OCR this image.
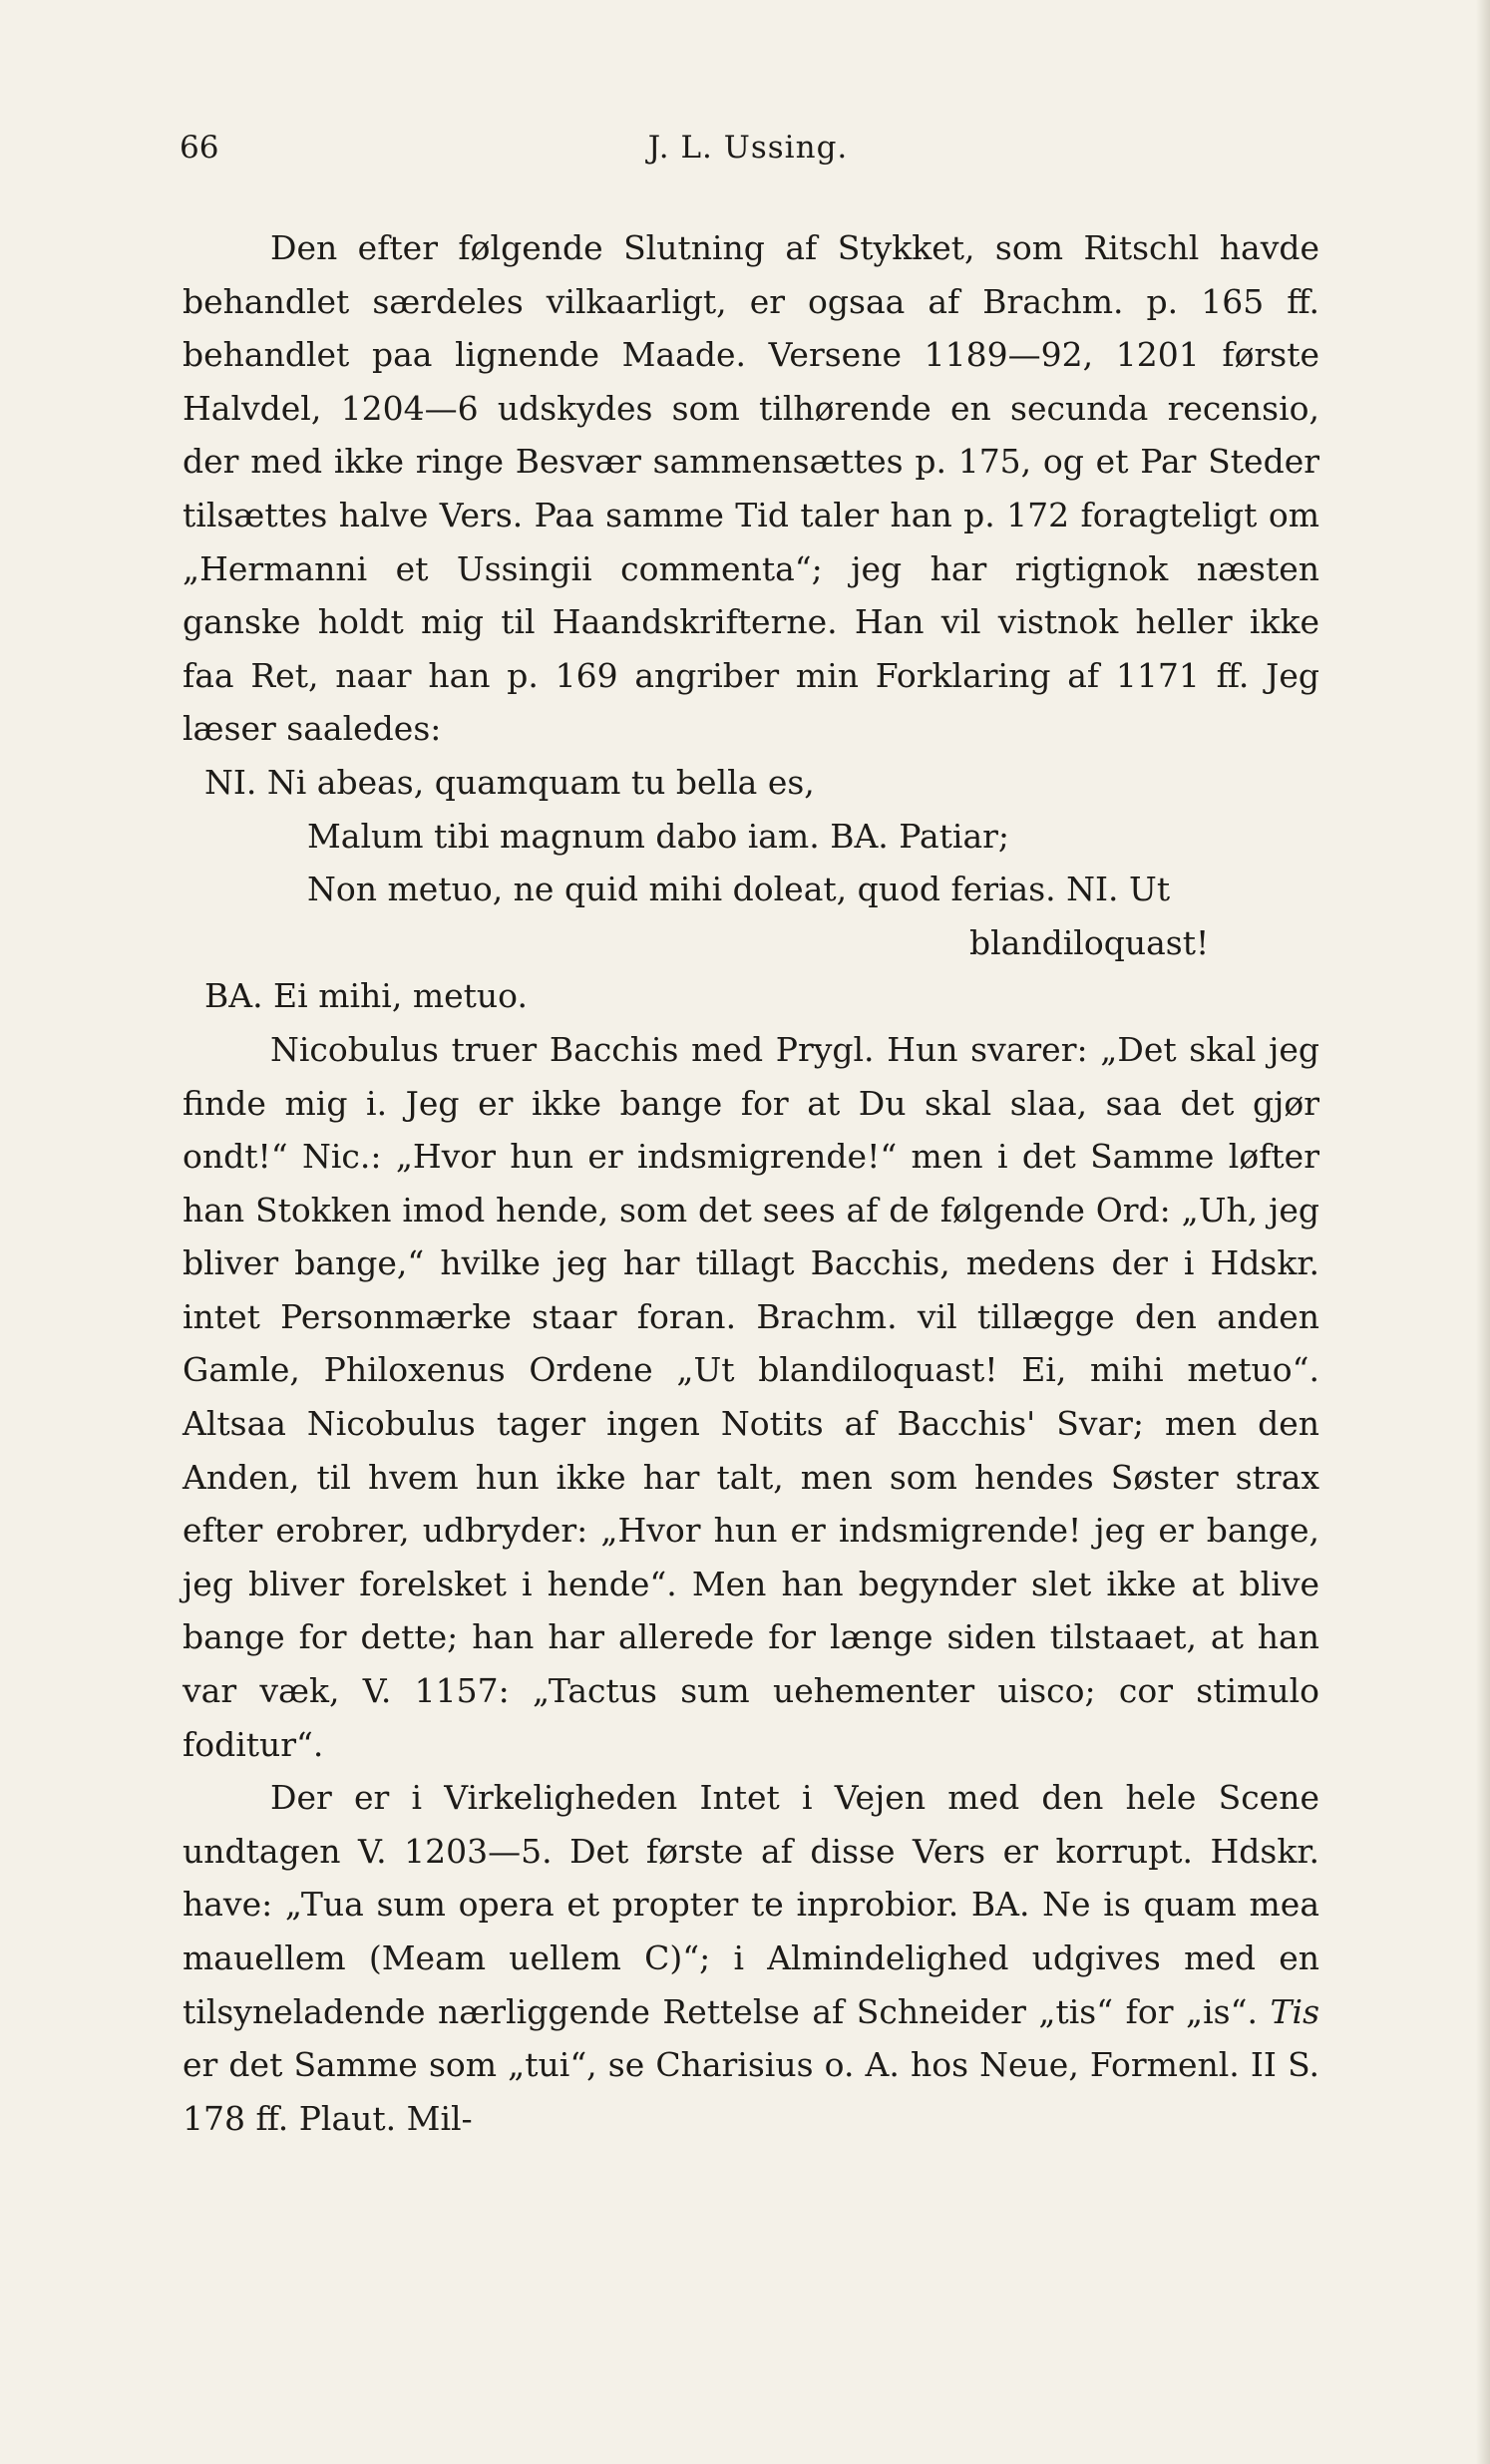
66	J. L. Ussing.

Den efter følgende Slutning af Stykket, som Ritschl havde behandlet særdeles vilkaarligt, er ogsaa af Brachm. p. 165 ff. behandlet paa lignende Maade. Versene 1189—92, 1201 første Halvdel, 1204—6 udskydes som tilhørende en secunda recensio, der med ikke ringe Besvær sammensættes p. 175, og et Par Steder tilsættes halve Vers. Paa samme Tid taler han p. 172 foragteligt om „Hermanni et Ussingii commenta“; jeg har rigtignok næsten ganske holdt mig til Haandskrifterne. Han vil vistnok heller ikke faa Ret, naar han p. 169 angriber min Forklaring af 1171 ff. Jeg læser saaledes:

NI. Ni abeas, quamquam tu bella es,
Malum tibi magnum dabo iam. BA. Patiar;
Non metuo, ne quid mihi doleat, quod ferias. NI. Ut
blandiloquast!
BA. Ei mihi, metuo.

Nicobulus truer Bacchis med Prygl. Hun svarer: „Det skal jeg finde mig i. Jeg er ikke bange for at Du skal slaa, saa det gjør ondt!“ Nic.: „Hvor hun er indsmigrende!“ men i det Samme løfter han Stokken imod hende, som det sees af de følgende Ord: „Uh, jeg bliver bange,“ hvilke jeg har tillagt Bacchis, medens der i Hdskr. intet Personmærke staar foran. Brachm. vil tillægge den anden Gamle, Philoxenus Ordene „Ut blandiloquast! Ei, mihi metuo“. Altsaa Nicobulus tager ingen Notits af Bacchis' Svar; men den Anden, til hvem hun ikke har talt, men som hendes Søster strax efter erobrer, udbryder: „Hvor hun er indsmigrende! jeg er bange, jeg bliver forelsket i hende“. Men han begynder slet ikke at blive bange for dette; han har allerede for længe siden tilstaaet, at han var væk, V. 1157: „Tactus sum uehementer uisco; cor stimulo foditur“.

Der er i Virkeligheden Intet i Vejen med den hele Scene undtagen V. 1203—5. Det første af disse Vers er korrupt. Hdskr. have: „Tua sum opera et propter te inprobior. BA. Ne is quam mea mauellem (Meam uellem C)“; i Almindelighed udgives med en tilsyneladende nærliggende Rettelse af Schneider „tis“ for „is“. Tis er det Samme som „tui“, se Charisius o. A. hos Neue, Formenl. II S. 178 ff. Plaut. Mil-
